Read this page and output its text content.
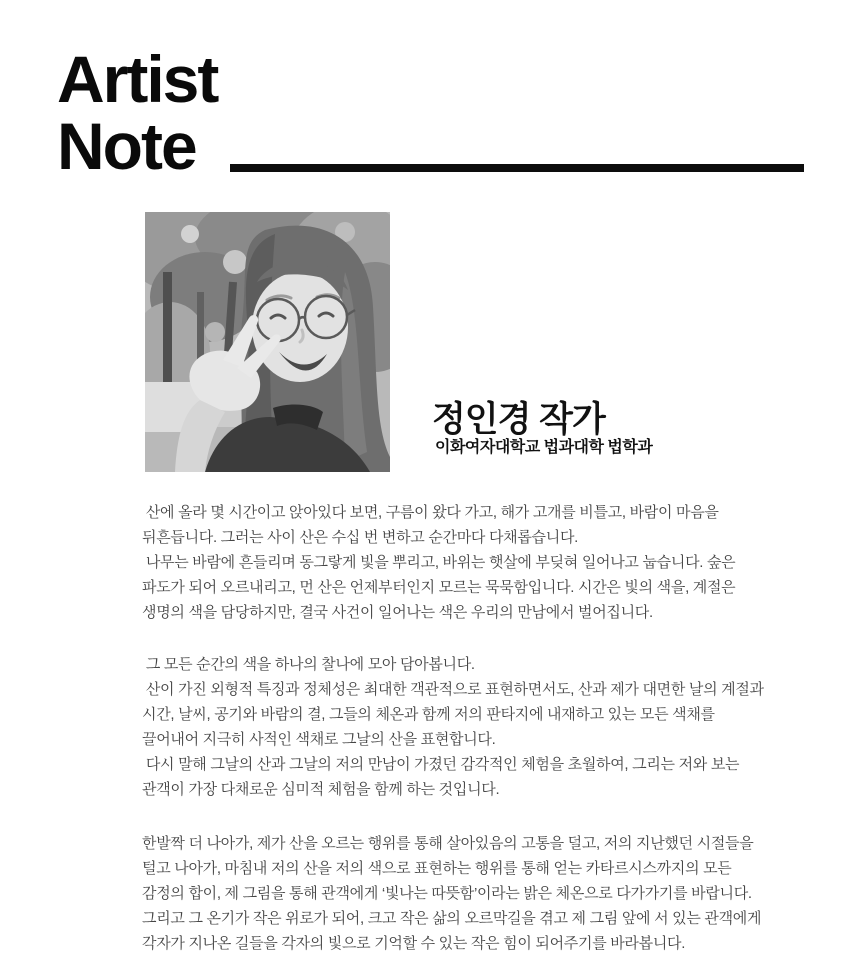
Artist
Note
정인경 작가
이화여자대학교 법과대학 법학과
산에 올라 몇 시간이고 앉아있다 보면, 구름이 왔다 가고, 해가 고개를 비틀고, 바람이 마음을
뒤흔듭니다. 그러는 사이 산은 수십 번 변하고 순간마다 다채롭습니다.
나무는 바람에 흔들리며 동그랗게 빛을 뿌리고, 바위는 햇살에 부딪혀 일어나고 눕습니다. 숲은
파도가 되어 오르내리고, 먼 산은 언제부터인지 모르는 묵묵함입니다. 시간은 빛의 색을, 계절은
생명의 색을 담당하지만, 결국 사건이 일어나는 색은 우리의 만남에서 벌어집니다.
그 모든 순간의 색을 하나의 찰나에 모아 담아봅니다.
산이 가진 외형적 특징과 정체성은 최대한 객관적으로 표현하면서도, 산과 제가 대면한 날의 계절과
시간, 날씨, 공기와 바람의 결, 그들의 체온과 함께 저의 판타지에 내재하고 있는 모든 색채를
끌어내어 지극히 사적인 색채로 그날의 산을 표현합니다.
다시 말해 그날의 산과 그날의 저의 만남이 가졌던 감각적인 체험을 초월하여, 그리는 저와 보는
관객이 가장 다채로운 심미적 체험을 함께 하는 것입니다.
한발짝 더 나아가, 제가 산을 오르는 행위를 통해 살아있음의 고통을 덜고, 저의 지난했던 시절들을
털고 나아가, 마침내 저의 산을 저의 색으로 표현하는 행위를 통해 얻는 카타르시스까지의 모든
감정의 합이, 제 그림을 통해 관객에게 ‘빛나는 따뜻함’이라는 밝은 체온으로 다가가기를 바랍니다.
그리고 그 온기가 작은 위로가 되어, 크고 작은 삶의 오르막길을 겪고 제 그림 앞에 서 있는 관객에게
각자가 지나온 길들을 각자의 빛으로 기억할 수 있는 작은 힘이 되어주기를 바라봅니다.
